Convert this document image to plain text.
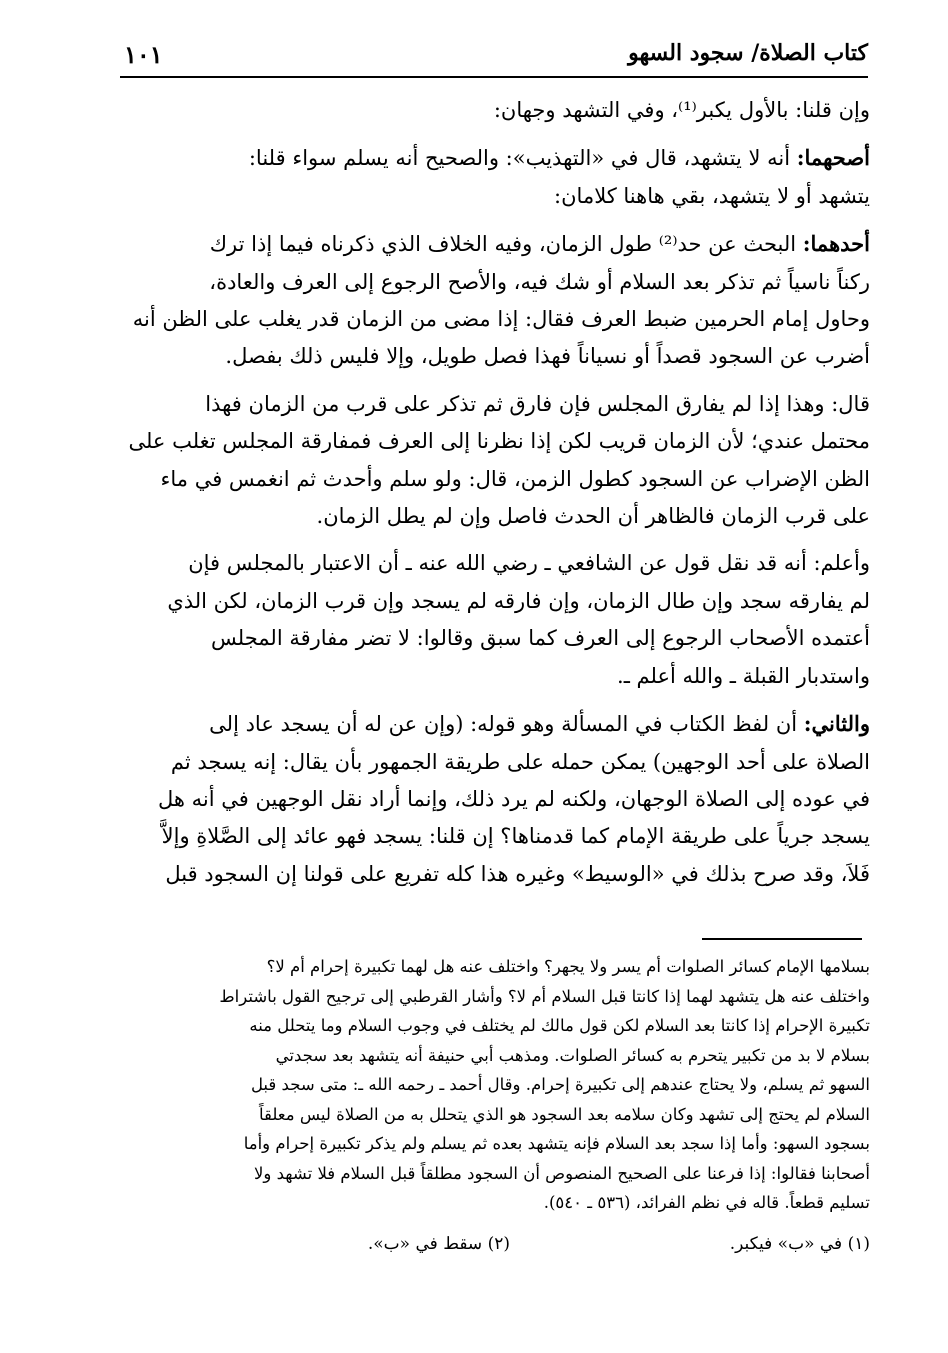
كتاب الصلاة/ سجود السهو
١٠١

وإن قلنا: بالأول يكبر⁽¹⁾، وفي التشهد وجهان:

أصحهما: أنه لا يتشهد، قال في «التهذيب»: والصحيح أنه يسلم سواء قلنا:
يتشهد أو لا يتشهد، بقي هاهنا كلامان:

أحدهما: البحث عن حد⁽²⁾ طول الزمان، وفيه الخلاف الذي ذكرناه فيما إذا ترك
ركناً ناسياً ثم تذكر بعد السلام أو شك فيه، والأصح الرجوع إلى العرف والعادة،
وحاول إمام الحرمين ضبط العرف فقال: إذا مضى من الزمان قدر يغلب على الظن أنه
أضرب عن السجود قصداً أو نسياناً فهذا فصل طويل، وإلا فليس ذلك بفصل.

قال: وهذا إذا لم يفارق المجلس فإن فارق ثم تذكر على قرب من الزمان فهذا
محتمل عندي؛ لأن الزمان قريب لكن إذا نظرنا إلى العرف فمفارقة المجلس تغلب على
الظن الإضراب عن السجود كطول الزمن، قال: ولو سلم وأحدث ثم انغمس في ماء
على قرب الزمان فالظاهر أن الحدث فاصل وإن لم يطل الزمان.

وأعلم: أنه قد نقل قول عن الشافعي ـ رضي الله عنه ـ أن الاعتبار بالمجلس فإن
لم يفارقه سجد وإن طال الزمان، وإن فارقه لم يسجد وإن قرب الزمان، لكن الذي
أعتمده الأصحاب الرجوع إلى العرف كما سبق وقالوا: لا تضر مفارقة المجلس
واستدبار القبلة ـ والله أعلم ـ.

والثاني: أن لفظ الكتاب في المسألة وهو قوله: (وإن عن له أن يسجد عاد إلى
الصلاة على أحد الوجهين) يمكن حمله على طريقة الجمهور بأن يقال: إنه يسجد ثم
في عوده إلى الصلاة الوجهان، ولكنه لم يرد ذلك، وإنما أراد نقل الوجهين في أنه هل
يسجد جرياً على طريقة الإمام كما قدمناها؟ إن قلنا: يسجد فهو عائد إلى الصَّلاةِ وإلاَّ
فَلاَ، وقد صرح بذلك في «الوسيط» وغيره هذا كله تفريع على قولنا إن السجود قبل

بسلامها الإمام كسائر الصلوات أم يسر ولا يجهر؟ واختلف عنه هل لهما تكبيرة إحرام أم لا؟
واختلف عنه هل يتشهد لهما إذا كانتا قبل السلام أم لا؟ وأشار القرطبي إلى ترجيح القول باشتراط
تكبيرة الإحرام إذا كانتا بعد السلام لكن قول مالك لم يختلف في وجوب السلام وما يتحلل منه
بسلام لا بد من تكبير يتحرم به كسائر الصلوات. ومذهب أبي حنيفة أنه يتشهد بعد سجدتي
السهو ثم يسلم، ولا يحتاج عندهم إلى تكبيرة إحرام. وقال أحمد ـ رحمه الله ـ: متى سجد قبل
السلام لم يحتج إلى تشهد وكان سلامه بعد السجود هو الذي يتحلل به من الصلاة ليس معلقاً
بسجود السهو: وأما إذا سجد بعد السلام فإنه يتشهد بعده ثم يسلم ولم يذكر تكبيرة إحرام وأما
أصحابنا فقالوا: إذا فرعنا على الصحيح المنصوص أن السجود مطلقاً قبل السلام فلا تشهد ولا
تسليم قطعاً. قاله في نظم الفرائد، (٥٣٦ ـ ٥٤٠).
(١) في «ب» فيكبر.
(٢) سقط في «ب».
